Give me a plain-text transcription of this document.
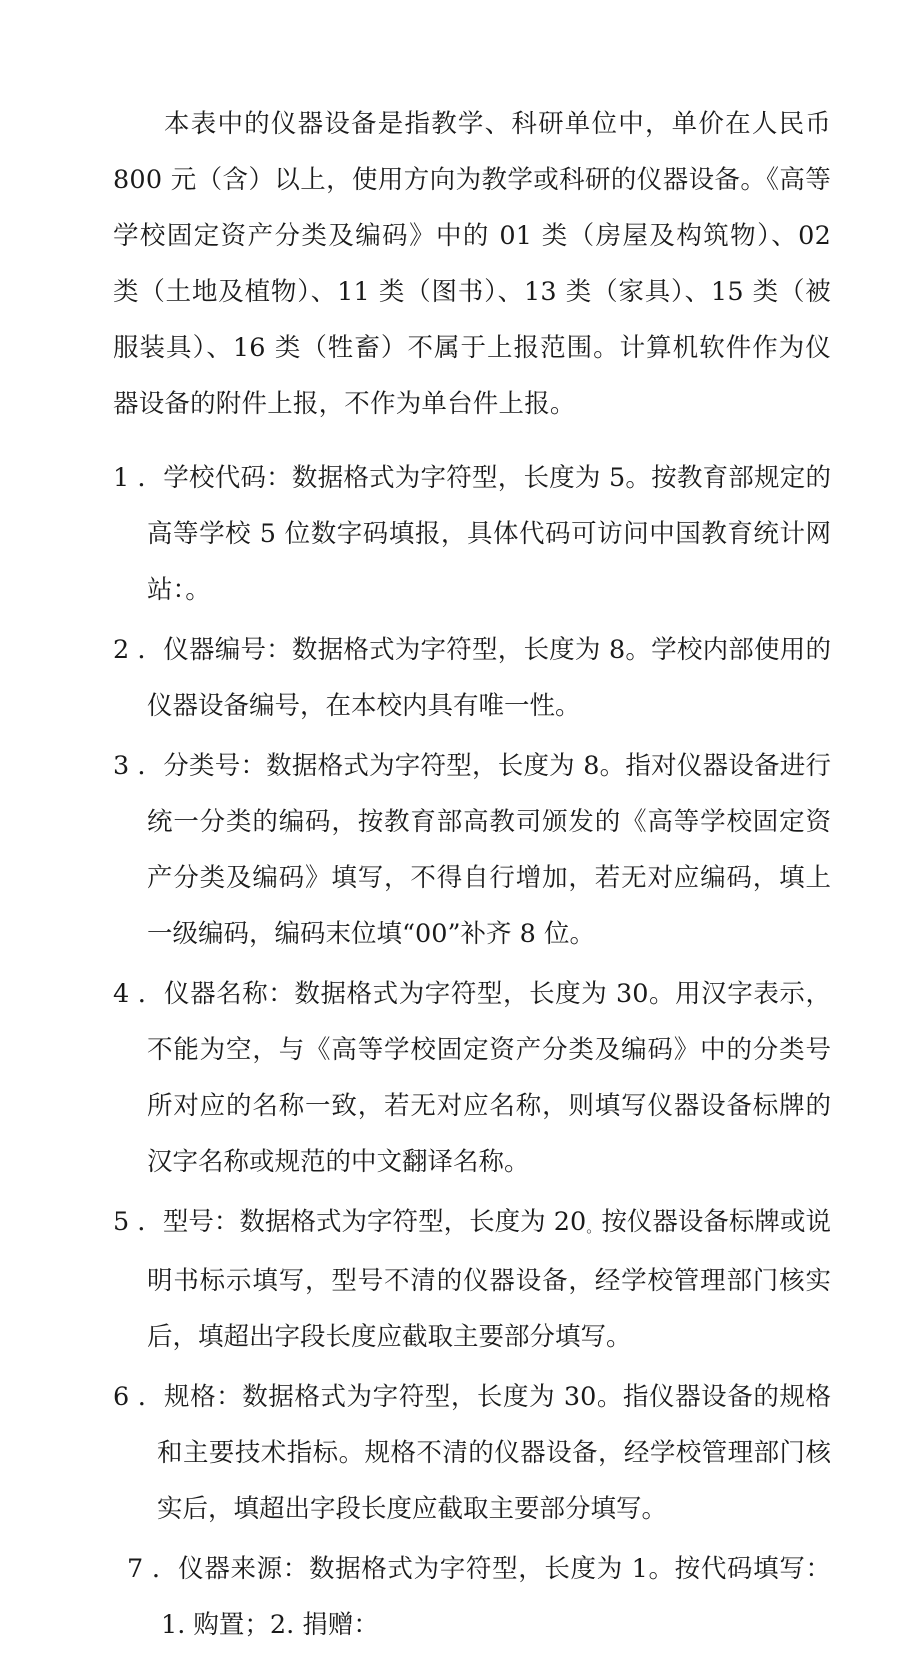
本表中的仪器设备是指教学、科研单位中，单价在人民币 800 元（含）以上，使用方向为教学或科研的仪器设备。《高等学校固定资产分类及编码》中的 01 类（房屋及构筑物）、02 类（土地及植物）、11 类（图书）、13 类（家具）、15 类（被服装具）、16 类（牲畜）不属于上报范围。计算机软件作为仪器设备的附件上报，不作为单台件上报。

1 ．学校代码：数据格式为字符型，长度为 5。按教育部规定的高等学校 5 位数字码填报，具体代码可访问中国教育统计网站：。

2 ．仪器编号：数据格式为字符型，长度为 8。学校内部使用的仪器设备编号，在本校内具有唯一性。

3 ．分类号：数据格式为字符型，长度为 8。指对仪器设备进行统一分类的编码，按教育部高教司颁发的《高等学校固定资产分类及编码》填写，不得自行增加，若无对应编码，填上一级编码，编码末位填“00”补齐 8 位。

4 ．仪器名称：数据格式为字符型，长度为 30。用汉字表示，不能为空，与《高等学校固定资产分类及编码》中的分类号所对应的名称一致，若无对应名称，则填写仪器设备标牌的汉字名称或规范的中文翻译名称。

5 ．型号：数据格式为字符型，长度为 20。按仪器设备标牌或说明书标示填写，型号不清的仪器设备，经学校管理部门核实后，填超出字段长度应截取主要部分填写。

6 ．规格：数据格式为字符型，长度为 30。指仪器设备的规格和主要技术指标。规格不清的仪器设备，经学校管理部门核实后，填超出字段长度应截取主要部分填写。

7 ．仪器来源：数据格式为字符型，长度为 1。按代码填写：1. 购置；2. 捐赠：
